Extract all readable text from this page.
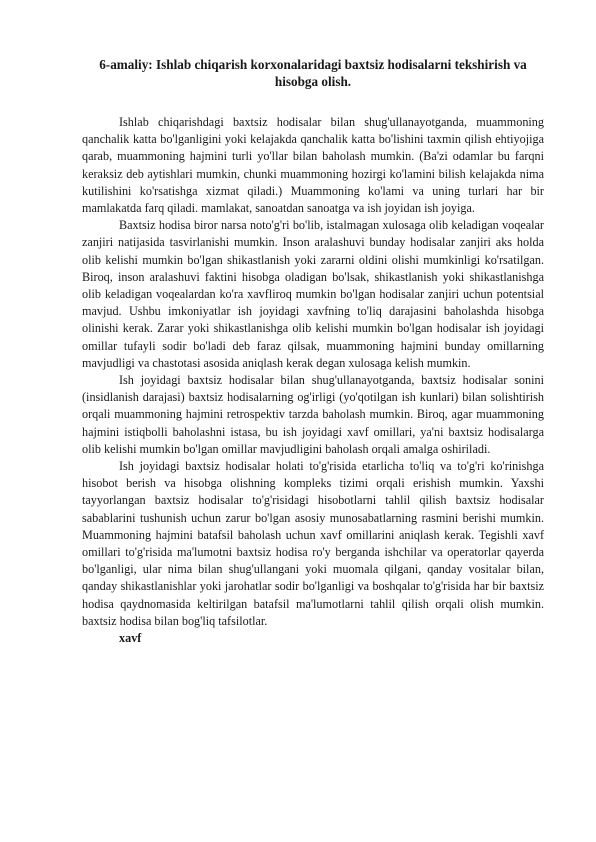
6-amaliy: Ishlab chiqarish korxonalaridagi baxtsiz hodisalarni tekshirish va hisobga olish.

Ishlab chiqarishdagi baxtsiz hodisalar bilan shug'ullanayotganda, muammoning qanchalik katta bo'lganligini yoki kelajakda qanchalik katta bo'lishini taxmin qilish ehtiyojiga qarab, muammoning hajmini turli yo'llar bilan baholash mumkin. (Ba'zi odamlar bu farqni keraksiz deb aytishlari mumkin, chunki muammoning hozirgi ko'lamini bilish kelajakda nima kutilishini ko'rsatishga xizmat qiladi.) Muammoning ko'lami va uning turlari har bir mamlakatda farq qiladi. mamlakat, sanoatdan sanoatga va ish joyidan ish joyiga.

Baxtsiz hodisa biror narsa noto'g'ri bo'lib, istalmagan xulosaga olib keladigan voqealar zanjiri natijasida tasvirlanishi mumkin. Inson aralashuvi bunday hodisalar zanjiri aks holda olib kelishi mumkin bo'lgan shikastlanish yoki zararni oldini olishi mumkinligi ko'rsatilgan. Biroq, inson aralashuvi faktini hisobga oladigan bo'lsak, shikastlanish yoki shikastlanishga olib keladigan voqealardan ko'ra xavfliroq mumkin bo'lgan hodisalar zanjiri uchun potentsial mavjud. Ushbu imkoniyatlar ish joyidagi xavfning to'liq darajasini baholashda hisobga olinishi kerak. Zarar yoki shikastlanishga olib kelishi mumkin bo'lgan hodisalar ish joyidagi omillar tufayli sodir bo'ladi deb faraz qilsak, muammoning hajmini bunday omillarning mavjudligi va chastotasi asosida aniqlash kerak degan xulosaga kelish mumkin.

Ish joyidagi baxtsiz hodisalar bilan shug'ullanayotganda, baxtsiz hodisalar sonini (insidlanish darajasi) baxtsiz hodisalarning og'irligi (yo'qotilgan ish kunlari) bilan solishtirish orqali muammoning hajmini retrospektiv tarzda baholash mumkin. Biroq, agar muammoning hajmini istiqbolli baholashni istasa, bu ish joyidagi xavf omillari, ya'ni baxtsiz hodisalarga olib kelishi mumkin bo'lgan omillar mavjudligini baholash orqali amalga oshiriladi.

Ish joyidagi baxtsiz hodisalar holati to'g'risida etarlicha to'liq va to'g'ri ko'rinishga hisobot berish va hisobga olishning kompleks tizimi orqali erishish mumkin. Yaxshi tayyorlangan baxtsiz hodisalar to'g'risidagi hisobotlarni tahlil qilish baxtsiz hodisalar sabablarini tushunish uchun zarur bo'lgan asosiy munosabatlarning rasmini berishi mumkin. Muammoning hajmini batafsil baholash uchun xavf omillarini aniqlash kerak. Tegishli xavf omillari to'g'risida ma'lumotni baxtsiz hodisa ro'y berganda ishchilar va operatorlar qayerda bo'lganligi, ular nima bilan shug'ullangani yoki muomala qilgani, qanday vositalar bilan, qanday shikastlanishlar yoki jarohatlar sodir bo'lganligi va boshqalar to'g'risida har bir baxtsiz hodisa qaydnomasida keltirilgan batafsil ma'lumotlarni tahlil qilish orqali olish mumkin. baxtsiz hodisa bilan bog'liq tafsilotlar.

xavf
